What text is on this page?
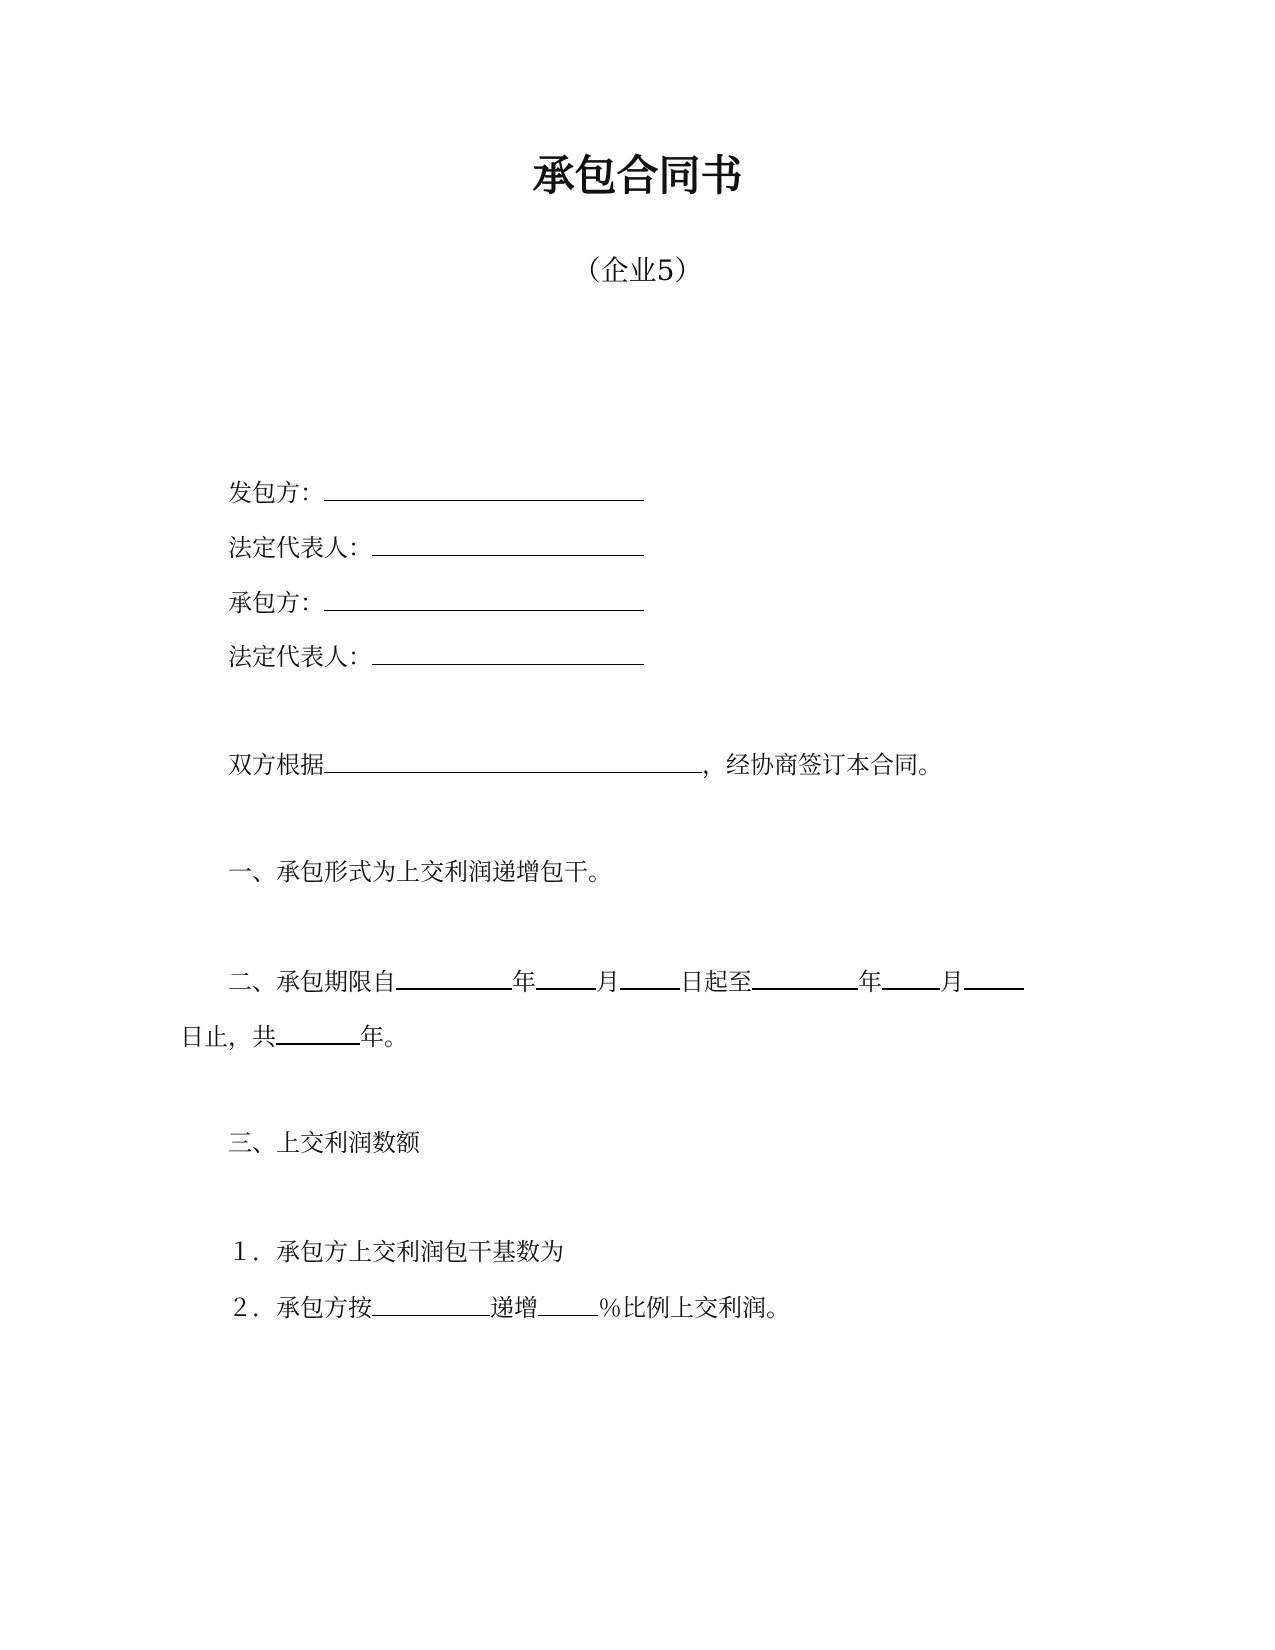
承包合同书
（企业5）
发包方：
法定代表人：
承包方：
法定代表人：
双方根据	，经协商签订本合同。
一、承包形式为上交利润递增包干。
二、承包期限自	年	月	日起至	年 月
日止，共	年。
三、上交利润数额
１．承包方上交利润包干基数为
２．承包方按	递增	％比例上交利润。
